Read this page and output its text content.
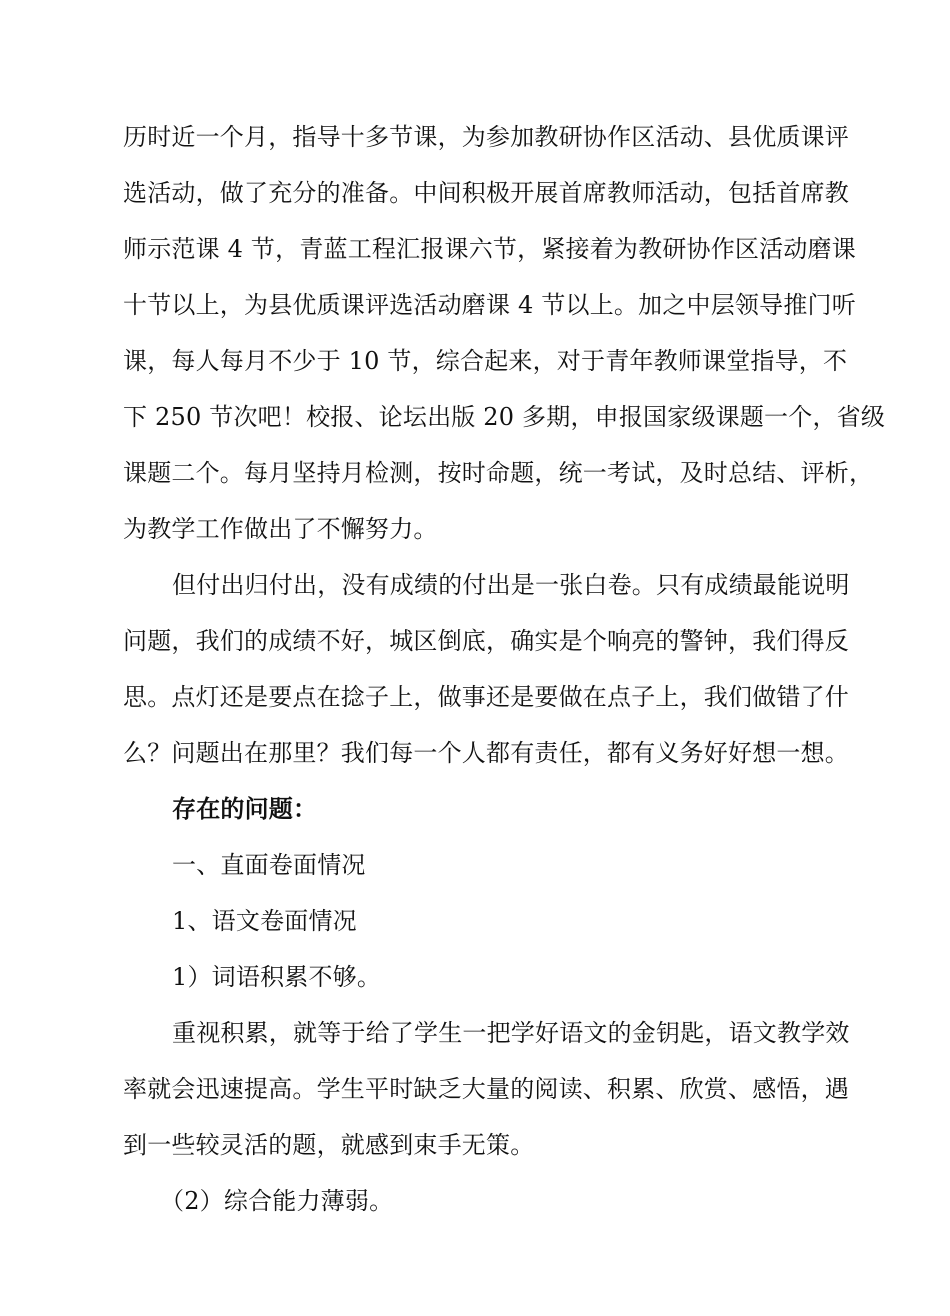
历时近一个月，指导十多节课，为参加教研协作区活动、县优质课评
选活动，做了充分的准备。中间积极开展首席教师活动，包括首席教
师示范课 4 节，青蓝工程汇报课六节，紧接着为教研协作区活动磨课
十节以上，为县优质课评选活动磨课 4 节以上。加之中层领导推门听
课，每人每月不少于 10 节，综合起来，对于青年教师课堂指导，不
下 250 节次吧！校报、论坛出版 20 多期，申报国家级课题一个，省级
课题二个。每月坚持月检测，按时命题，统一考试，及时总结、评析，
为教学工作做出了不懈努力。
但付出归付出，没有成绩的付出是一张白卷。只有成绩最能说明
问题，我们的成绩不好，城区倒底，确实是个响亮的警钟，我们得反
思。点灯还是要点在捻子上，做事还是要做在点子上，我们做错了什
么？问题出在那里？我们每一个人都有责任，都有义务好好想一想。
存在的问题：
一、直面卷面情况
1、语文卷面情况
1）词语积累不够。
重视积累，就等于给了学生一把学好语文的金钥匙，语文教学效
率就会迅速提高。学生平时缺乏大量的阅读、积累、欣赏、感悟，遇
到一些较灵活的题，就感到束手无策。
（2）综合能力薄弱。
